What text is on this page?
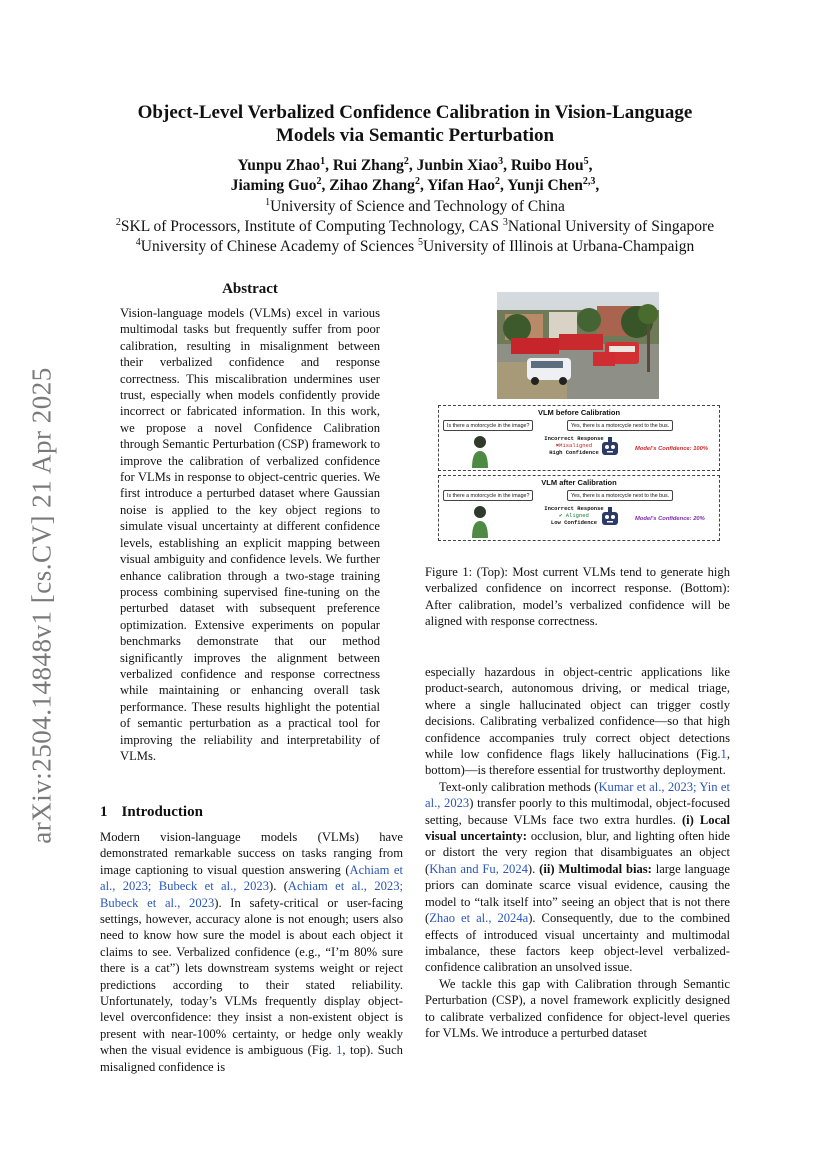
arXiv:2504.14848v1 [cs.CV] 21 Apr 2025
Object-Level Verbalized Confidence Calibration in Vision-Language
Models via Semantic Perturbation
Yunpu Zhao$^1$, Rui Zhang$^2$, Junbin Xiao$^3$, Ruibo Hou$^5$,
Jiaming Guo$^2$, Zihao Zhang$^2$, Yifan Hao$^2$, Yunji Chen$^{2,3}$,
$^1$University of Science and Technology of China
$^2$SKL of Processors, Institute of Computing Technology, CAS $^3$National University of Singapore
$^4$University of Chinese Academy of Sciences $^5$University of Illinois at Urbana-Champaign
Abstract
Vision-language models (VLMs) excel in various multimodal tasks but frequently suffer from poor calibration, resulting in misalignment between their verbalized confidence and response correctness. This miscalibration undermines user trust, especially when models confidently provide incorrect or fabricated information. In this work, we propose a novel Confidence Calibration through Semantic Perturbation (CSP) framework to improve the calibration of verbalized confidence for VLMs in response to object-centric queries. We first introduce a perturbed dataset where Gaussian noise is applied to the key object regions to simulate visual uncertainty at different confidence levels, establishing an explicit mapping between visual ambiguity and confidence levels. We further enhance calibration through a two-stage training process combining supervised fine-tuning on the perturbed dataset with subsequent preference optimization. Extensive experiments on popular benchmarks demonstrate that our method significantly improves the alignment between verbalized confidence and response correctness while maintaining or enhancing overall task performance. These results highlight the potential of semantic perturbation as a practical tool for improving the reliability and interpretability of VLMs.
1 Introduction

Modern vision-language models (VLMs) have demonstrated remarkable success on tasks ranging from image captioning to visual question answering (Achiam et al., 2023; Bubeck et al., 2023). (Achiam et al., 2023; Bubeck et al., 2023). In safety-critical or user-facing settings, however, accuracy alone is not enough; users also need to know how sure the model is about each object it claims to see. Verbalized confidence (e.g., “I’m 80% sure there is a cat”) lets downstream systems weight or reject predictions according to their stated reliability. Unfortunately, today’s VLMs frequently display object-level overconfidence: they insist a non-existent object is present with near-100% certainty, or hedge only weakly when the visual evidence is ambiguous (Fig. 1, top). Such misaligned confidence is

VLM before Calibration
Is there a motorcycle in the image?	Yes, there is a motorcycle next to the bus.
Incorrect Response
✖Misaligned
High Confidence	Model’s Confidence: 100%
VLM after Calibration
Is there a motorcycle in the image?	Yes, there is a motorcycle next to the bus.
Incorrect Response
✔ Aligned
Low Confidence	Model’s Confidence: 20%
Figure 1: (Top): Most current VLMs tend to generate high verbalized confidence on incorrect response. (Bottom): After calibration, model’s verbalized confidence will be aligned with response correctness.

especially hazardous in object-centric applications like product-search, autonomous driving, or medical triage, where a single hallucinated object can trigger costly decisions. Calibrating verbalized confidence—so that high confidence accompanies truly correct object detections while low confidence flags likely hallucinations (Fig.1, bottom)—is therefore essential for trustworthy deployment.

Text-only calibration methods (Kumar et al., 2023; Yin et al., 2023) transfer poorly to this multimodal, object-focused setting, because VLMs face two extra hurdles. (i) Local visual uncertainty: occlusion, blur, and lighting often hide or distort the very region that disambiguates an object (Khan and Fu, 2024). (ii) Multimodal bias: large language priors can dominate scarce visual evidence, causing the model to “talk itself into” seeing an object that is not there (Zhao et al., 2024a). Consequently, due to the combined effects of introduced visual uncertainty and multimodal imbalance, these factors keep object-level verbalized-confidence calibration an unsolved issue.

We tackle this gap with Calibration through Semantic Perturbation (CSP), a novel framework explicitly designed to calibrate verbalized confidence for object-level queries for VLMs. We introduce a perturbed dataset
